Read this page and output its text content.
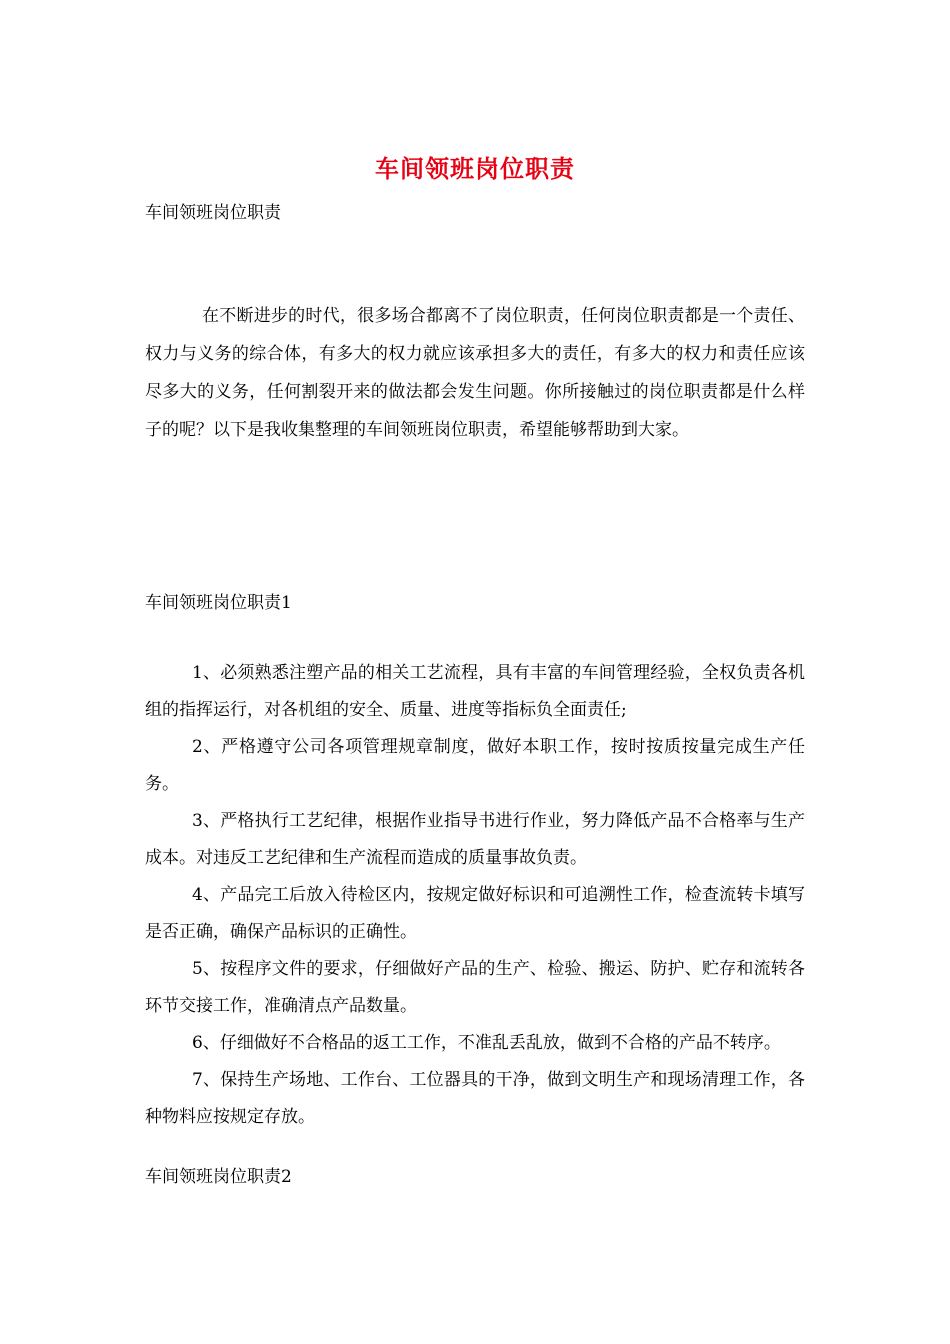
车间领班岗位职责
车间领班岗位职责

在不断进步的时代，很多场合都离不了岗位职责，任何岗位职责都是一个责任、权力与义务的综合体，有多大的权力就应该承担多大的责任，有多大的权力和责任应该尽多大的义务，任何割裂开来的做法都会发生问题。你所接触过的岗位职责都是什么样子的呢？以下是我收集整理的车间领班岗位职责，希望能够帮助到大家。

车间领班岗位职责1

1、必须熟悉注塑产品的相关工艺流程，具有丰富的车间管理经验，全权负责各机组的指挥运行，对各机组的安全、质量、进度等指标负全面责任;

2、严格遵守公司各项管理规章制度，做好本职工作，按时按质按量完成生产任务。

3、严格执行工艺纪律，根据作业指导书进行作业，努力降低产品不合格率与生产成本。对违反工艺纪律和生产流程而造成的质量事故负责。

4、产品完工后放入待检区内，按规定做好标识和可追溯性工作，检查流转卡填写是否正确，确保产品标识的正确性。

5、按程序文件的要求，仔细做好产品的生产、检验、搬运、防护、贮存和流转各环节交接工作，准确清点产品数量。

6、仔细做好不合格品的返工工作，不准乱丢乱放，做到不合格的产品不转序。

7、保持生产场地、工作台、工位器具的干净，做到文明生产和现场清理工作，各种物料应按规定存放。

车间领班岗位职责2
